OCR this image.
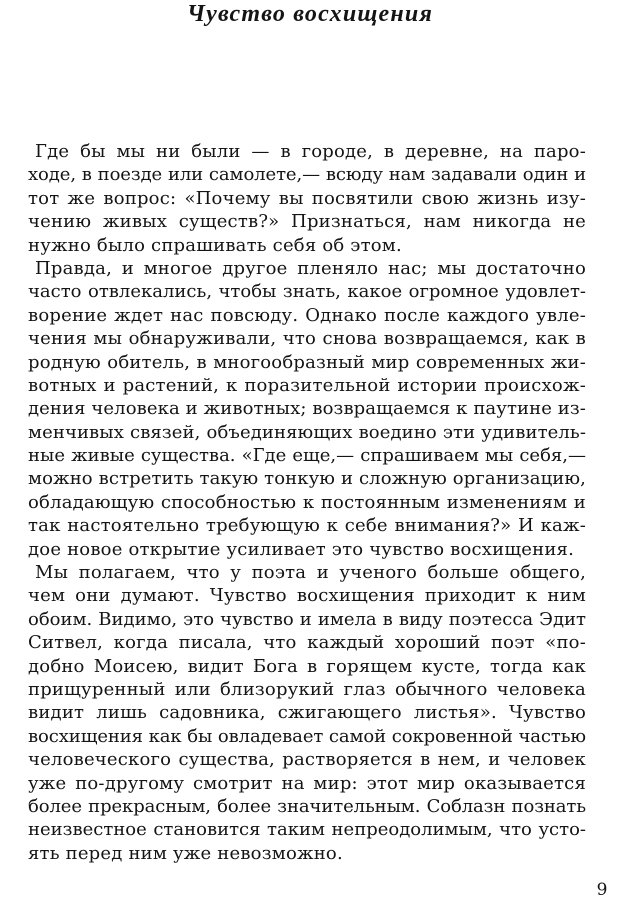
Чувство восхищения
Где бы мы ни были — в городе, в деревне, на паро-
ходе, в поезде или самолете,— всюду нам задавали один и
тот же вопрос: «Почему вы посвятили свою жизнь изу-
чению живых существ?» Признаться, нам никогда не
нужно было спрашивать себя об этом.
Правда, и многое другое пленяло нас; мы достаточно
часто отвлекались, чтобы знать, какое огромное удовлет-
ворение ждет нас повсюду. Однако после каждого увле-
чения мы обнаруживали, что снова возвращаемся, как в
родную обитель, в многообразный мир современных жи-
вотных и растений, к поразительной истории происхож-
дения человека и животных; возвращаемся к паутине из-
менчивых связей, объединяющих воедино эти удивитель-
ные живые существа. «Где еще,— спрашиваем мы себя,—
можно встретить такую тонкую и сложную организацию,
обладающую способностью к постоянным изменениям и
так настоятельно требующую к себе внимания?» И каж-
дое новое открытие усиливает это чувство восхищения.
Мы полагаем, что у поэта и ученого больше общего,
чем они думают. Чувство восхищения приходит к ним
обоим. Видимо, это чувство и имела в виду поэтесса Эдит
Ситвел, когда писала, что каждый хороший поэт «по-
добно Моисею, видит Бога в горящем кусте, тогда как
прищуренный или близорукий глаз обычного человека
видит лишь садовника, сжигающего листья». Чувство
восхищения как бы овладевает самой сокровенной частью
человеческого существа, растворяется в нем, и человек
уже по-другому смотрит на мир: этот мир оказывается
более прекрасным, более значительным. Соблазн познать
неизвестное становится таким непреодолимым, что усто-
ять перед ним уже невозможно.
9
